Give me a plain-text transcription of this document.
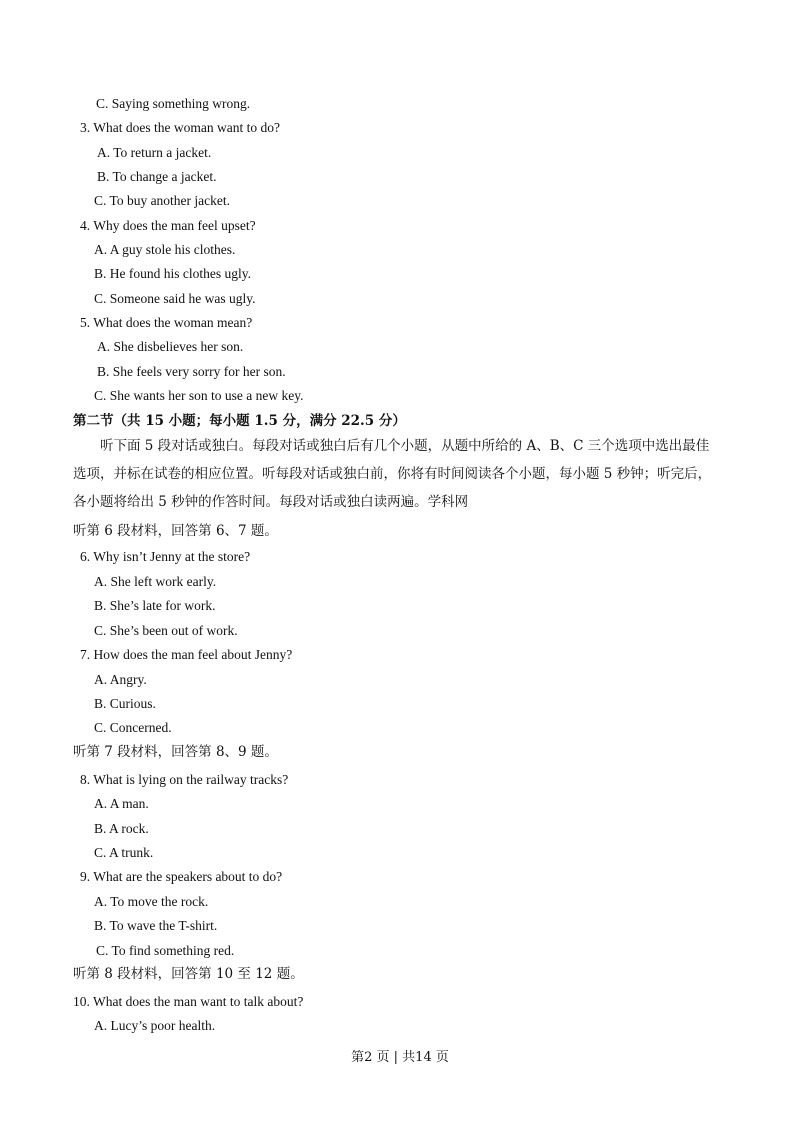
C. Saying something wrong.
3. What does the woman want to do?
A. To return a jacket.
B. To change a jacket.
C. To buy another jacket.
4. Why does the man feel upset?
A. A guy stole his clothes.
B. He found his clothes ugly.
C. Someone said he was ugly.
5. What does the woman mean?
A. She disbelieves her son.
B. She feels very sorry for her son.
C. She wants her son to use a new key.
第二节（共 15 小题；每小题 1.5 分，满分 22.5 分）
听下面 5 段对话或独白。每段对话或独白后有几个小题，从题中所给的 A、B、C 三个选项中选出最佳
选项，并标在试卷的相应位置。听每段对话或独白前，你将有时间阅读各个小题，每小题 5 秒钟；听完后，
各小题将给出 5 秒钟的作答时间。每段对话或独白读两遍。学科网
听第 6 段材料，回答第 6、7 题。
6. Why isn’t Jenny at the store?
A. She left work early.
B. She’s late for work.
C. She’s been out of work.
7. How does the man feel about Jenny?
A. Angry.
B. Curious.
C. Concerned.
听第 7 段材料，回答第 8、9 题。
8. What is lying on the railway tracks?
A. A man.
B. A rock.
C. A trunk.
9. What are the speakers about to do?
A. To move the rock.
B. To wave the T-shirt.
C. To find something red.
听第 8 段材料，回答第 10 至 12 题。
10. What does the man want to talk about?
A. Lucy’s poor health.
第2 页 | 共14 页
